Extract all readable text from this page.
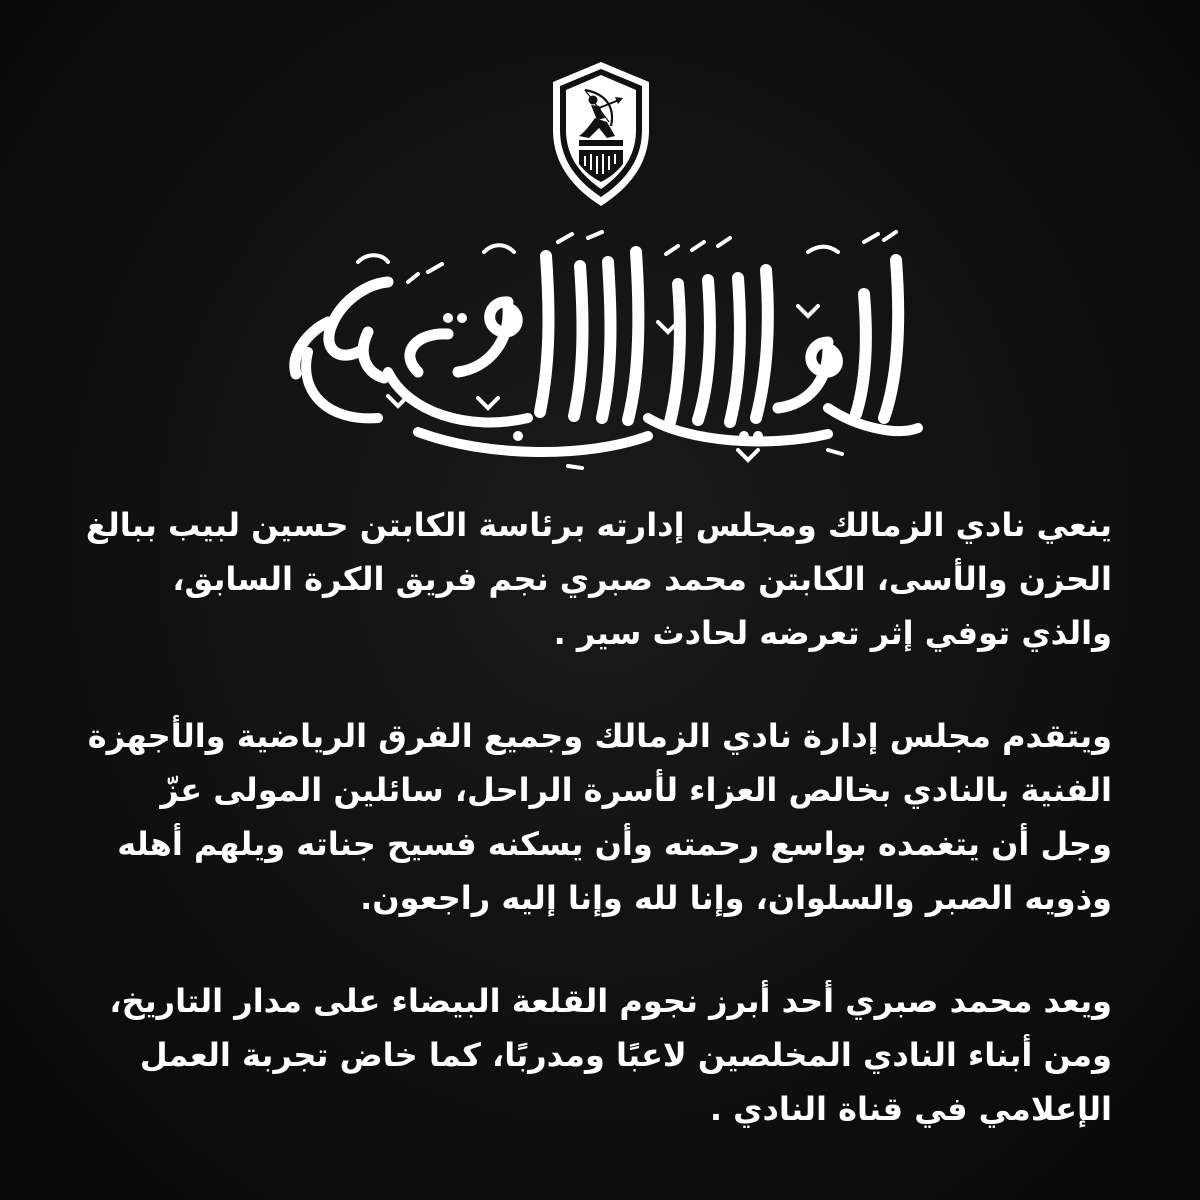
ينعي نادي الزمالك ومجلس إدارته برئاسة الكابتن حسين لبيب ببالغ الحزن والأسى، الكابتن محمد صبري نجم فريق الكرة السابق، والذي توفي إثر تعرضه لحادث سير .

ويتقدم مجلس إدارة نادي الزمالك وجميع الفرق الرياضية والأجهزة الفنية بالنادي بخالص العزاء لأسرة الراحل، سائلين المولى عزّ وجل أن يتغمده بواسع رحمته وأن يسكنه فسيح جناته ويلهم أهله وذويه الصبر والسلوان، وإنا لله وإنا إليه راجعون.

ويعد محمد صبري أحد أبرز نجوم القلعة البيضاء على مدار التاريخ، ومن أبناء النادي المخلصين لاعبًا ومدربًا، كما خاض تجربة العمل الإعلامي في قناة النادي .
